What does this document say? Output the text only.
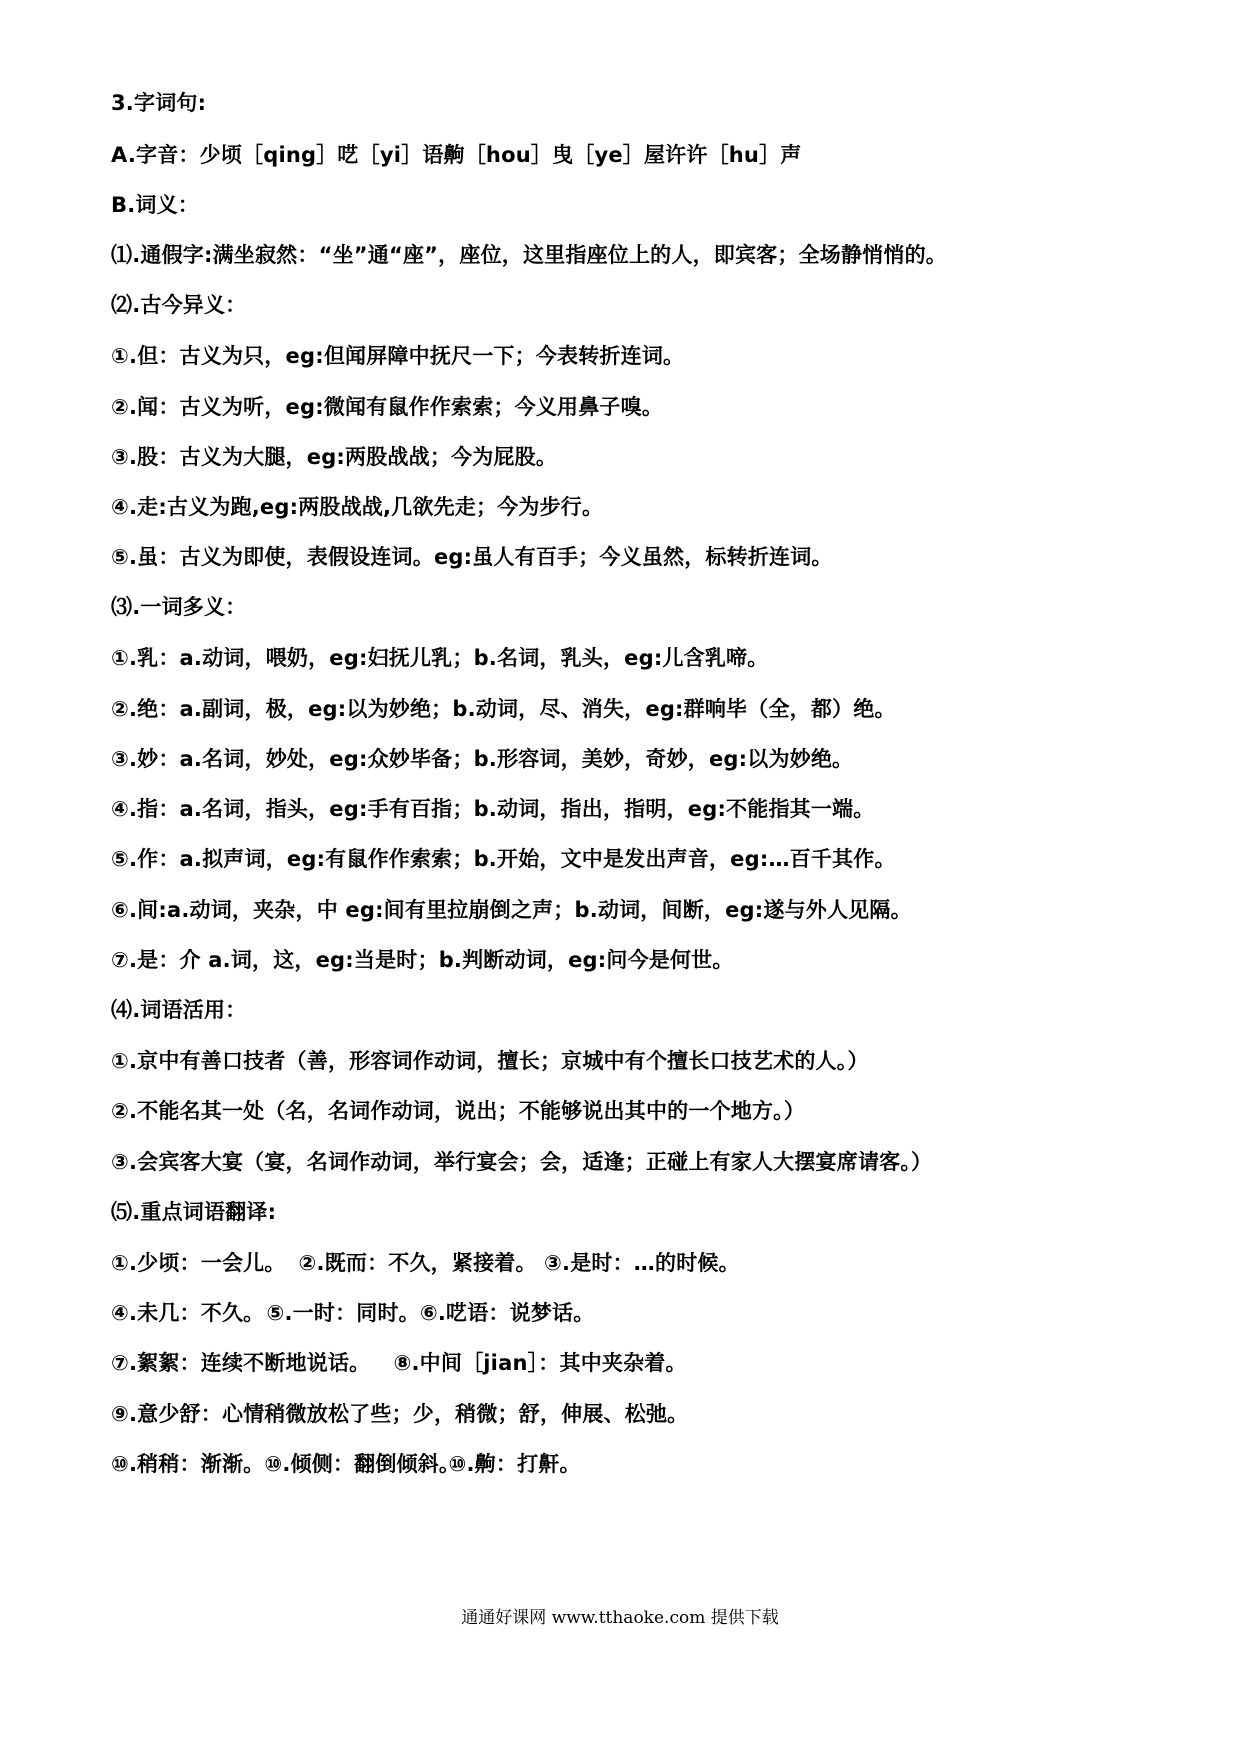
3.字词句:
A.字音：少顷［qing］呓［yi］语齁［hou］曳［ye］屋许许［hu］声
B.词义：
⑴.通假字:满坐寂然：“坐”通“座”，座位，这里指座位上的人，即宾客；全场静悄悄的。
⑵.古今异义：
①.但：古义为只，eg:但闻屏障中抚尺一下；今表转折连词。
②.闻：古义为听，eg:微闻有鼠作作索索；今义用鼻子嗅。
③.股：古义为大腿，eg:两股战战；今为屁股。
④.走:古义为跑,eg:两股战战,几欲先走；今为步行。
⑤.虽：古义为即使，表假设连词。eg:虽人有百手；今义虽然，标转折连词。
⑶.一词多义：
①.乳：a.动词，喂奶，eg:妇抚儿乳；b.名词，乳头，eg:儿含乳啼。
②.绝：a.副词，极，eg:以为妙绝；b.动词，尽、消失，eg:群响毕（全，都）绝。
③.妙：a.名词，妙处，eg:众妙毕备；b.形容词，美妙，奇妙，eg:以为妙绝。
④.指：a.名词，指头，eg:手有百指；b.动词，指出，指明，eg:不能指其一端。
⑤.作：a.拟声词，eg:有鼠作作索索；b.开始，文中是发出声音，eg:…百千其作。
⑥.间:a.动词，夹杂，中 eg:间有里拉崩倒之声；b.动词，间断，eg:遂与外人见隔。
⑦.是：介 a.词，这，eg:当是时；b.判断动词，eg:问今是何世。
⑷.词语活用：
①.京中有善口技者（善，形容词作动词，擅长；京城中有个擅长口技艺术的人。）
②.不能名其一处（名，名词作动词，说出；不能够说出其中的一个地方。）
③.会宾客大宴（宴，名词作动词，举行宴会；会，适逢；正碰上有家人大摆宴席请客。）
⑸.重点词语翻译:
①.少顷：一会儿。 ②.既而：不久，紧接着。 ③.是时：…的时候。
④.未几：不久。 ⑤.一时：同时。⑥.呓语：说梦话。
⑦.絮絮：连续不断地说话。 ⑧.中间［jian］：其中夹杂着。
⑨.意少舒：心情稍微放松了些；少，稍微；舒，伸展、松弛。
⑩.稍稍：渐渐。⑩.倾侧：翻倒倾斜。 ⑩.齁：打鼾。
通通好课网 www.tthaoke.com 提供下载
